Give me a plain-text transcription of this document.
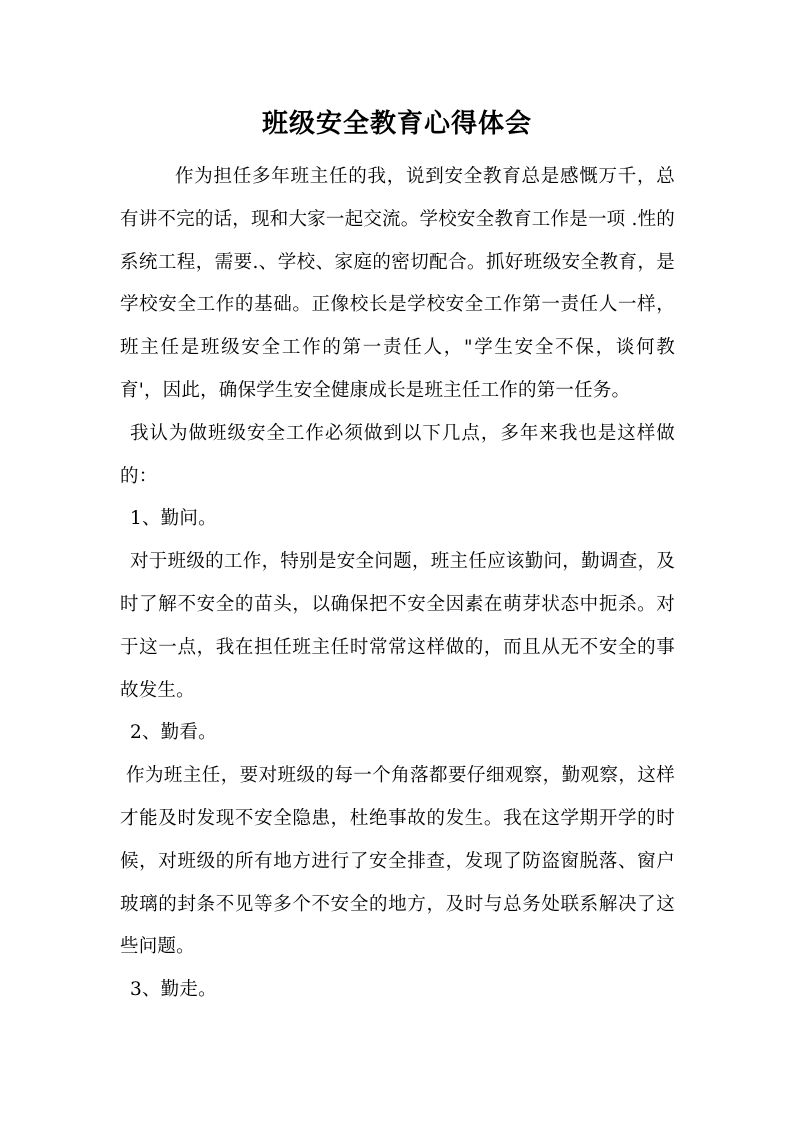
班级安全教育心得体会

作为担任多年班主任的我，说到安全教育总是感慨万千，总有讲不完的话，现和大家一起交流。学校安全教育工作是一项 .性的系统工程，需要.、学校、家庭的密切配合。抓好班级安全教育，是学校安全工作的基础。正像校长是学校安全工作第一责任人一样，班主任是班级安全工作的第一责任人，"学生安全不保，谈何教育'，因此，确保学生安全健康成长是班主任工作的第一任务。

我认为做班级安全工作必须做到以下几点，多年来我也是这样做的：

1、勤问。

对于班级的工作，特别是安全问题，班主任应该勤问，勤调查，及时了解不安全的苗头，以确保把不安全因素在萌芽状态中扼杀。对于这一点，我在担任班主任时常常这样做的，而且从无不安全的事故发生。

2、勤看。

作为班主任，要对班级的每一个角落都要仔细观察，勤观察，这样才能及时发现不安全隐患，杜绝事故的发生。我在这学期开学的时候，对班级的所有地方进行了安全排查，发现了防盗窗脱落、窗户玻璃的封条不见等多个不安全的地方，及时与总务处联系解决了这些问题。

3、勤走。
